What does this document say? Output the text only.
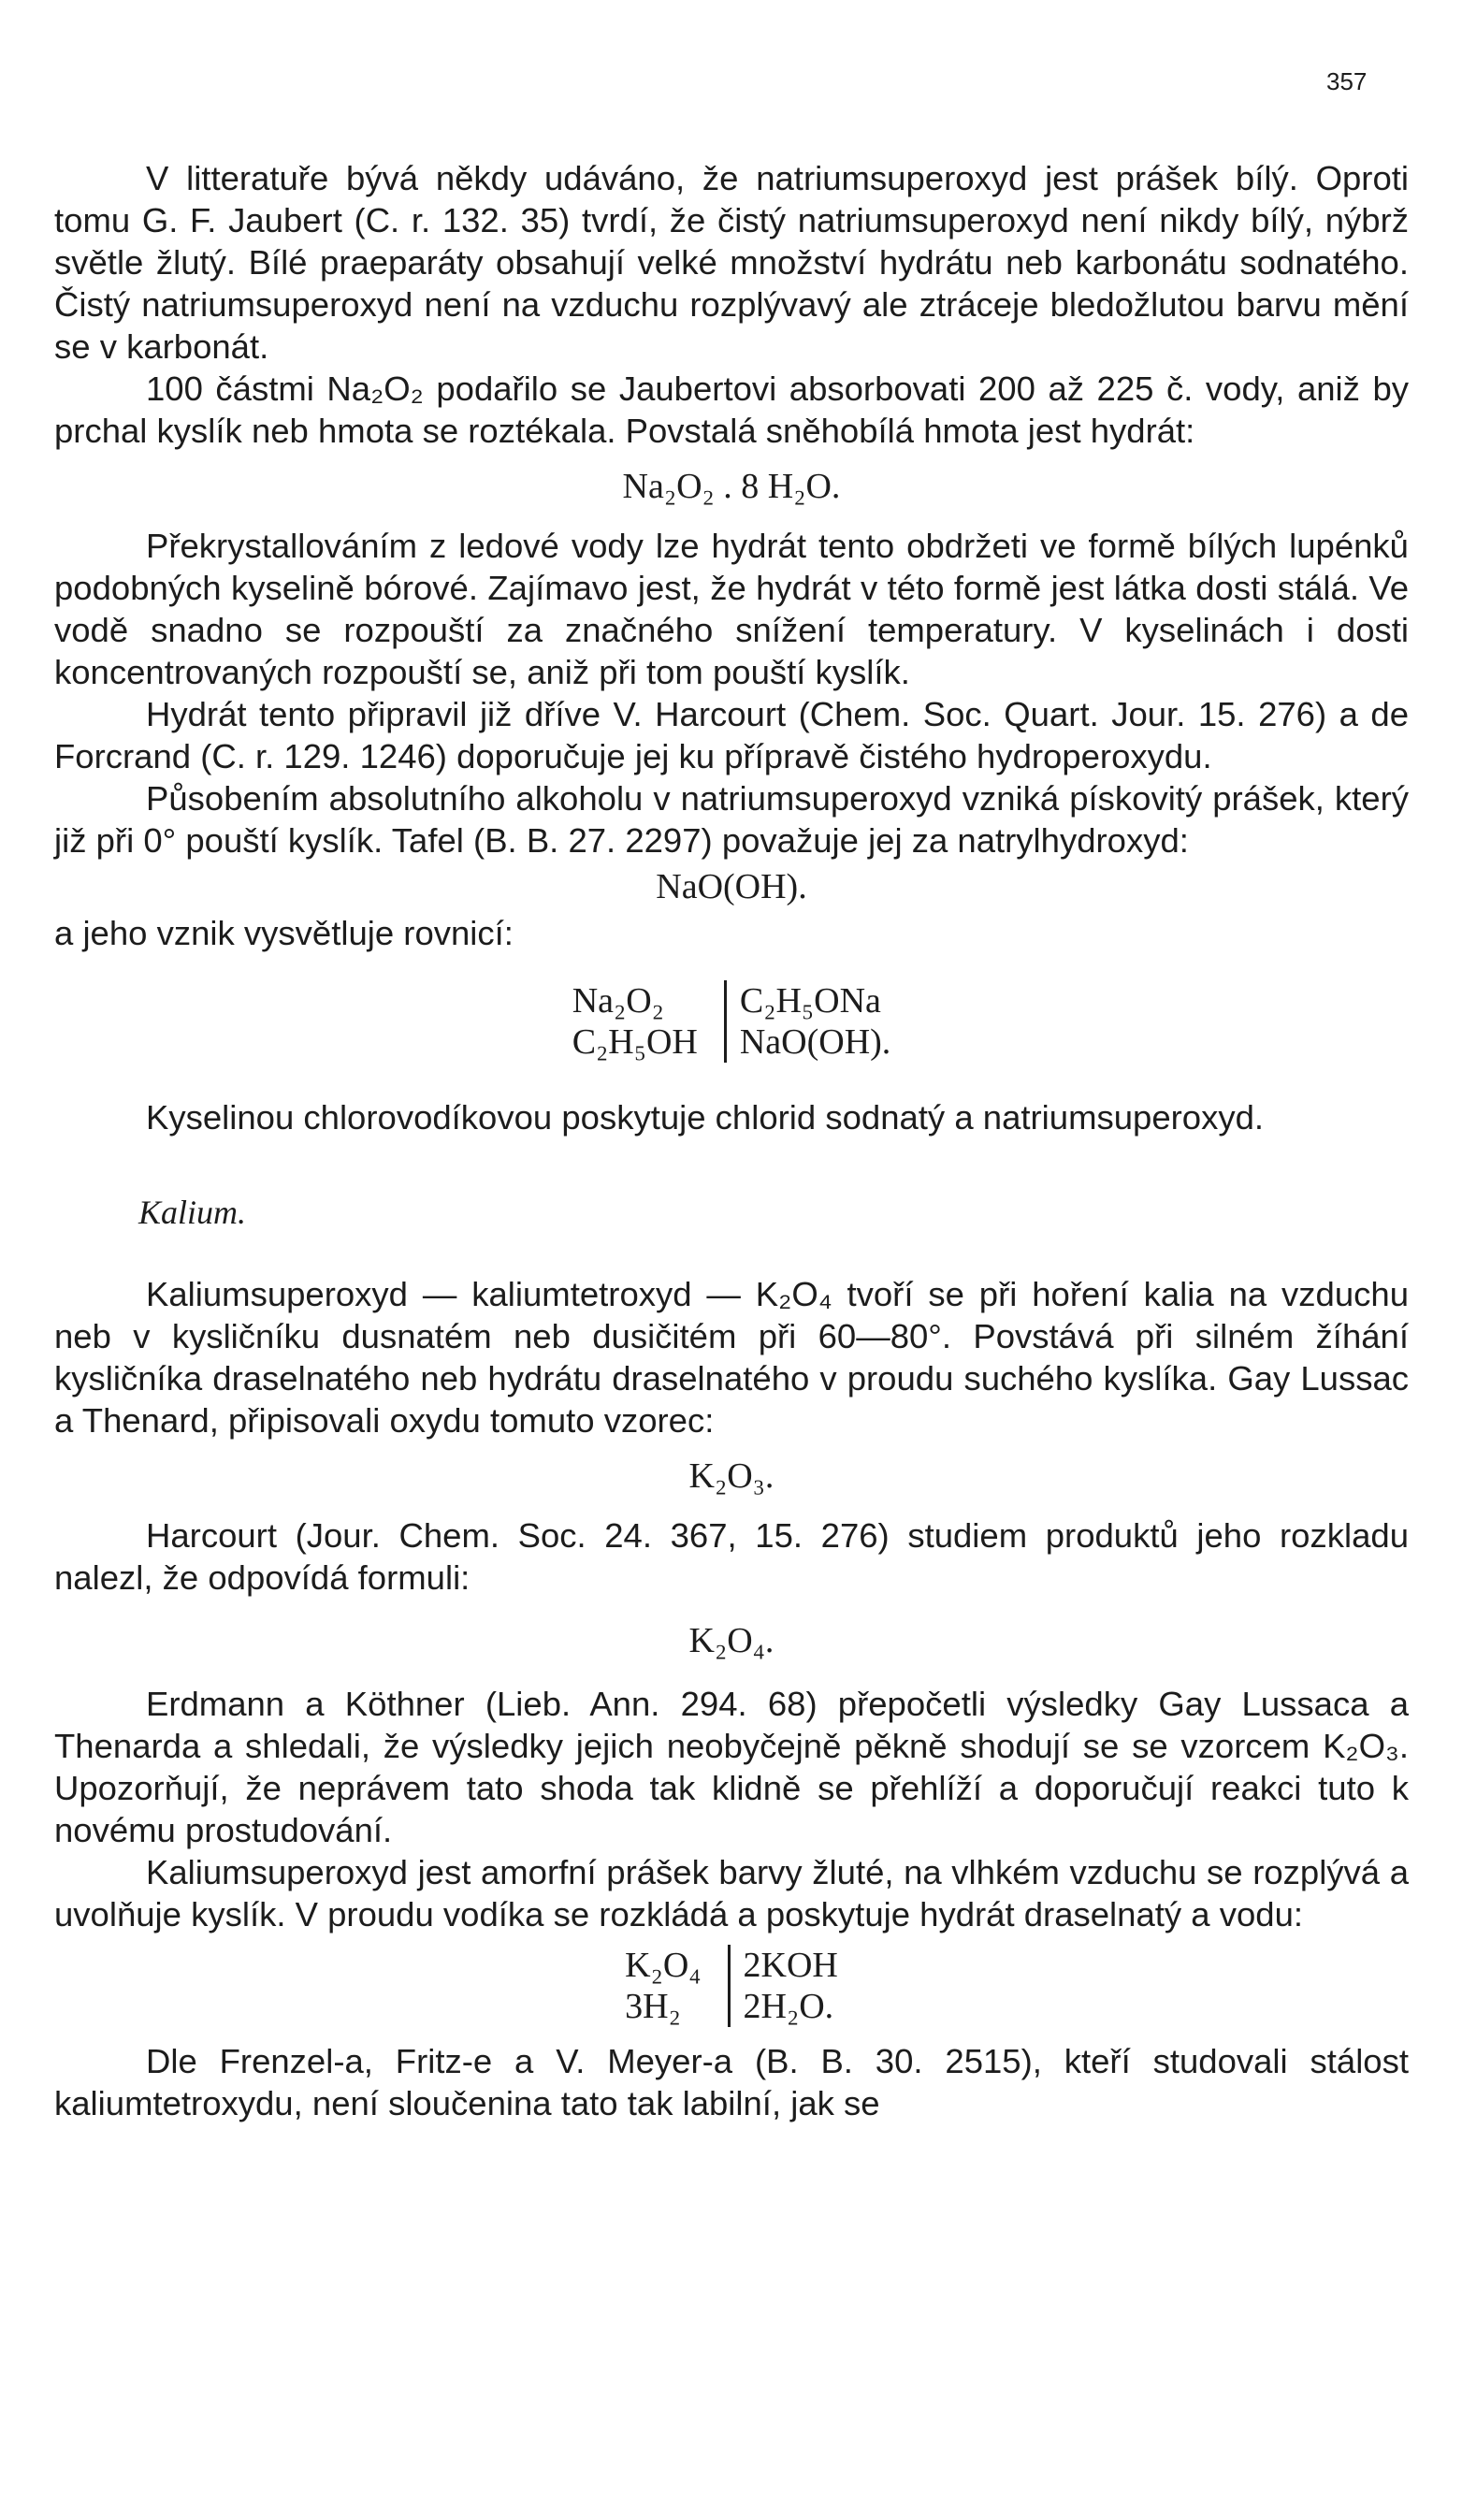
357

V litteratuře bývá někdy udáváno, že natriumsuperoxyd jest prášek bílý. Oproti tomu G. F. Jaubert (C. r. 132. 35) tvrdí, že čistý natriumsuperoxyd není nikdy bílý, nýbrž světle žlutý. Bílé praeparáty obsahují velké množství hydrátu neb karbonátu sodnatého. Čistý natriumsuperoxyd není na vzduchu rozplývavý ale ztráceje bledožlutou barvu mění se v karbonát.

100 částmi Na₂O₂ podařilo se Jaubertovi absorbovati 200 až 225 č. vody, aniž by prchal kyslík neb hmota se roztékala. Povstalá sněhobílá hmota jest hydrát:

Na₂O₂ . 8 H₂O.

Překrystallováním z ledové vody lze hydrát tento obdržeti ve formě bílých lupénků podobných kyselině bórové. Zajímavo jest, že hydrát v této formě jest látka dosti stálá. Ve vodě snadno se rozpouští za značného snížení temperatury. V kyselinách i dosti koncentrovaných rozpouští se, aniž při tom pouští kyslík.

Hydrát tento připravil již dříve V. Harcourt (Chem. Soc. Quart. Jour. 15. 276) a de Forcrand (C. r. 129. 1246) doporučuje jej ku přípravě čistého hydroperoxydu.

Působením absolutního alkoholu v natriumsuperoxyd vzniká pískovitý prášek, který již při 0° pouští kyslík. Tafel (B. B. 27. 2297) považuje jej za natrylhydroxyd:

NaO(OH).

a jeho vznik vysvětluje rovnicí:

Na₂O₂
C₂H₅OH
C₂H₅ONa
NaO(OH).

Kyselinou chlorovodíkovou poskytuje chlorid sodnatý a natriumsuperoxyd.

Kalium.

Kaliumsuperoxyd — kaliumtetroxyd — K₂O₄ tvoří se při hoření kalia na vzduchu neb v kysličníku dusnatém neb dusičitém při 60—80°. Povstává při silném žíhání kysličníka draselnatého neb hydrátu draselnatého v proudu suchého kyslíka. Gay Lussac a Thenard, připisovali oxydu tomuto vzorec:

K₂O₃.

Harcourt (Jour. Chem. Soc. 24. 367, 15. 276) studiem produktů jeho rozkladu nalezl, že odpovídá formuli:

K₂O₄.

Erdmann a Köthner (Lieb. Ann. 294. 68) přepočetli výsledky Gay Lussaca a Thenarda a shledali, že výsledky jejich neobyčejně pěkně shodují se se vzorcem K₂O₃. Upozorňují, že neprávem tato shoda tak klidně se přehlíží a doporučují reakci tuto k novému prostudování.

Kaliumsuperoxyd jest amorfní prášek barvy žluté, na vlhkém vzduchu se rozplývá a uvolňuje kyslík. V proudu vodíka se rozkládá a poskytuje hydrát draselnatý a vodu:

K₂O₄
3H₂
2KOH
2H₂O.

Dle Frenzel-a, Fritz-e a V. Meyer-a (B. B. 30. 2515), kteří studovali stálost kaliumtetroxydu, není sloučenina tato tak labilní, jak se
